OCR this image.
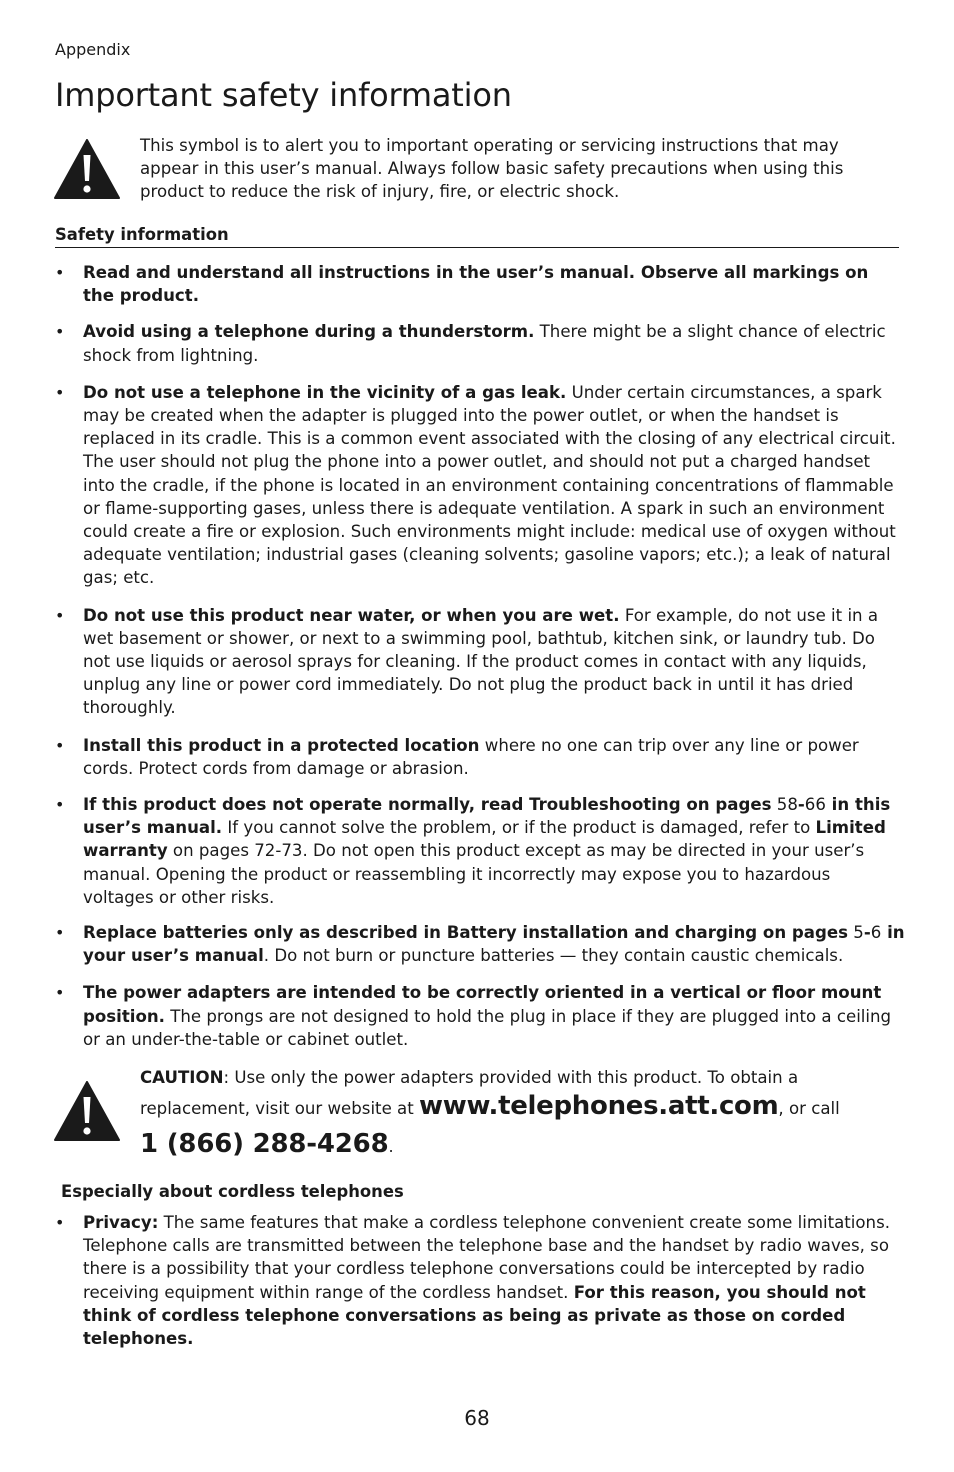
Appendix
Important safety information
This symbol is to alert you to important operating or servicing instructions that may appear in this user’s manual. Always follow basic safety precautions when using this product to reduce the risk of injury, fire, or electric shock.
Safety information
• Read and understand all instructions in the user’s manual. Observe all markings on the product.
• Avoid using a telephone during a thunderstorm. There might be a slight chance of electric shock from lightning.
• Do not use a telephone in the vicinity of a gas leak. Under certain circumstances, a spark may be created when the adapter is plugged into the power outlet, or when the handset is replaced in its cradle. This is a common event associated with the closing of any electrical circuit. The user should not plug the phone into a power outlet, and should not put a charged handset into the cradle, if the phone is located in an environment containing concentrations of flammable or flame-supporting gases, unless there is adequate ventilation. A spark in such an environment could create a fire or explosion. Such environments might include: medical use of oxygen without adequate ventilation; industrial gases (cleaning solvents; gasoline vapors; etc.); a leak of natural gas; etc.
• Do not use this product near water, or when you are wet. For example, do not use it in a wet basement or shower, or next to a swimming pool, bathtub, kitchen sink, or laundry tub. Do not use liquids or aerosol sprays for cleaning. If the product comes in contact with any liquids, unplug any line or power cord immediately. Do not plug the product back in until it has dried thoroughly.
• Install this product in a protected location where no one can trip over any line or power cords. Protect cords from damage or abrasion.
• If this product does not operate normally, read Troubleshooting on pages 58-66 in this user’s manual. If you cannot solve the problem, or if the product is damaged, refer to Limited warranty on pages 72-73. Do not open this product except as may be directed in your user’s manual. Opening the product or reassembling it incorrectly may expose you to hazardous voltages or other risks.
• Replace batteries only as described in Battery installation and charging on pages 5-6 in your user’s manual. Do not burn or puncture batteries — they contain caustic chemicals.
• The power adapters are intended to be correctly oriented in a vertical or floor mount position. The prongs are not designed to hold the plug in place if they are plugged into a ceiling or an under-the-table or cabinet outlet.
CAUTION: Use only the power adapters provided with this product. To obtain a
replacement, visit our website at www.telephones.att.com, or call
1 (866) 288-4268.
Especially about cordless telephones
• Privacy: The same features that make a cordless telephone convenient create some limitations. Telephone calls are transmitted between the telephone base and the handset by radio waves, so there is a possibility that your cordless telephone conversations could be intercepted by radio receiving equipment within range of the cordless handset. For this reason, you should not think of cordless telephone conversations as being as private as those on corded telephones.
68
